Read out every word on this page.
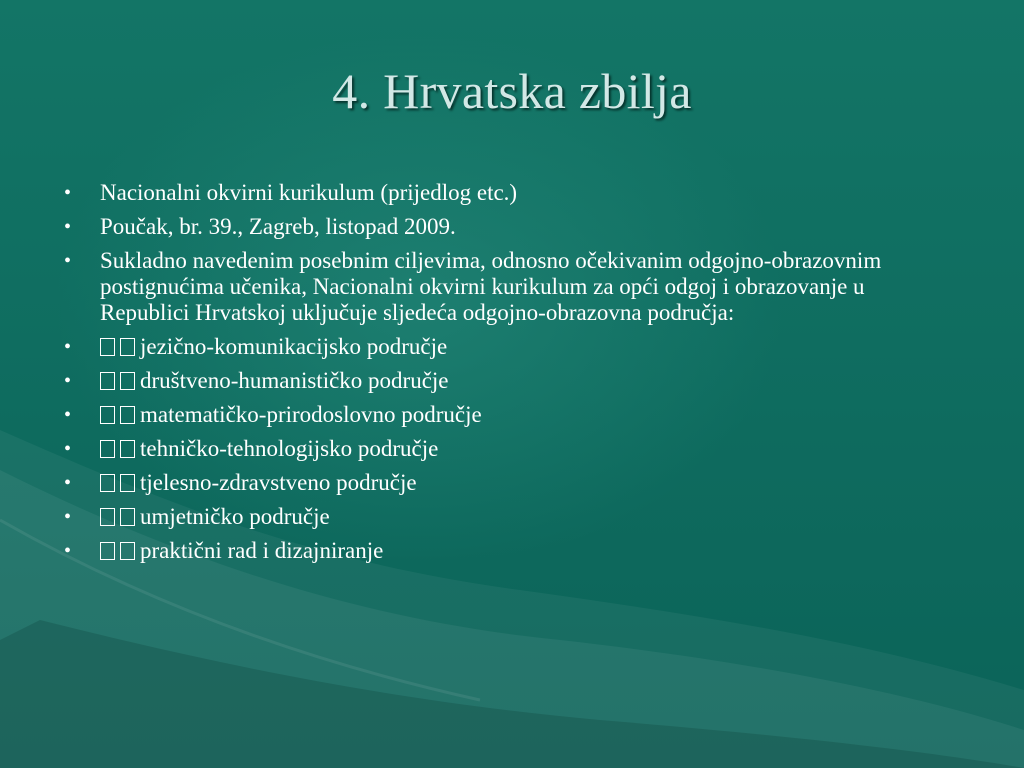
4. Hrvatska zbilja
• Nacionalni okvirni kurikulum (prijedlog etc.)
• Poučak, br. 39., Zagreb, listopad 2009.
• Sukladno navedenim posebnim ciljevima, odnosno očekivanim odgojno-obrazovnim postignućima učenika, Nacionalni okvirni kurikulum za opći odgoj i obrazovanje u Republici Hrvatskoj uključuje sljedeća odgojno-obrazovna područja:
•	jezično-komunikacijsko područje
•	društveno-humanističko područje
•	matematičko-prirodoslovno područje
•	tehničko-tehnologijsko područje
•	tjelesno-zdravstveno područje
•	umjetničko područje
•	praktični rad i dizajniranje
